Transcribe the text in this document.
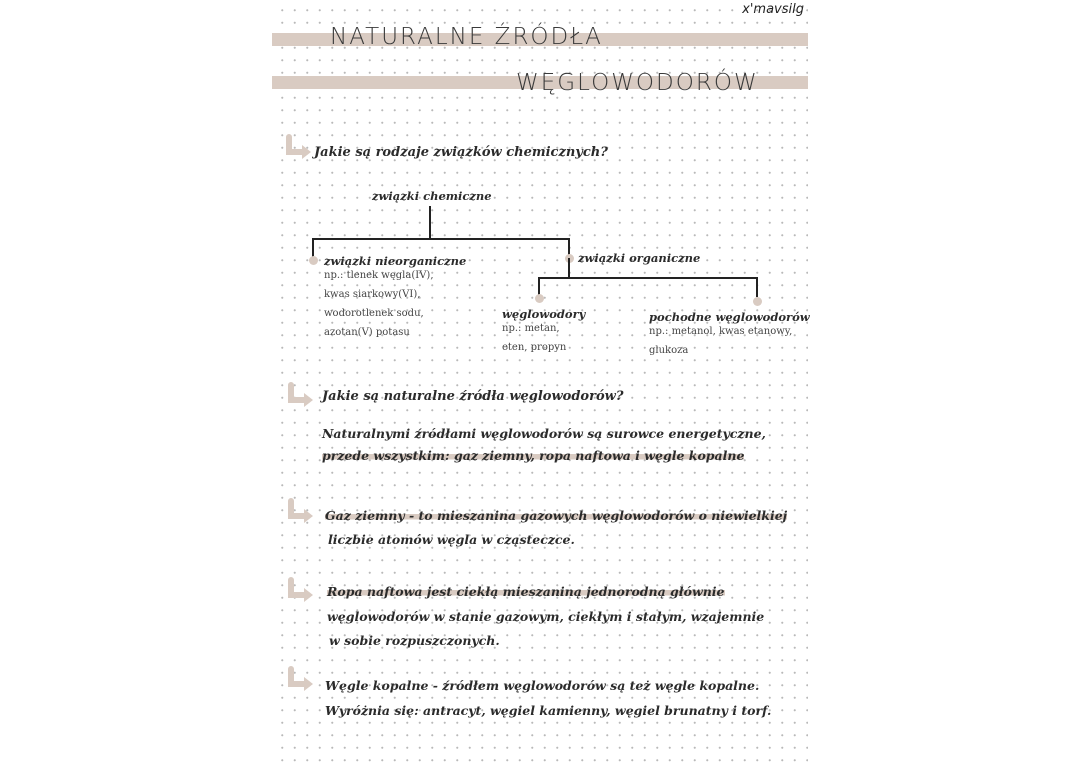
x'mavsilg
NATURALNE ŹRÓDŁA
WĘGLOWODORÓW
Jakie są rodzaje związków chemicznych?
związki chemiczne
związki nieorganiczne
np.: tlenek węgla(IV),
kwas siarkowy(VI),
wodorotlenek sodu,
azotan(V) potasu
związki organiczne
węglowodory
np.: metan,
eten, propyn
pochodne węglowodorów
np.: metanol, kwas etanowy,
glukoza
Jakie są naturalne źródła węglowodorów?
Naturalnymi źródłami węglowodorów są surowce energetyczne,
przede wszystkim: gaz ziemny, ropa naftowa i węgle kopalne
Gaz ziemny - to mieszanina gazowych węglowodorów o niewielkiej
liczbie atomów węgla w cząsteczce.
Ropa naftowa jest ciekłą mieszaniną jednorodną głównie
węglowodorów w stanie gazowym, ciekłym i stałym, wzajemnie
w sobie rozpuszczonych.
Węgle kopalne - źródłem węglowodorów są też węgle kopalne.
Wyróżnia się: antracyt, węgiel kamienny, węgiel brunatny i torf.
